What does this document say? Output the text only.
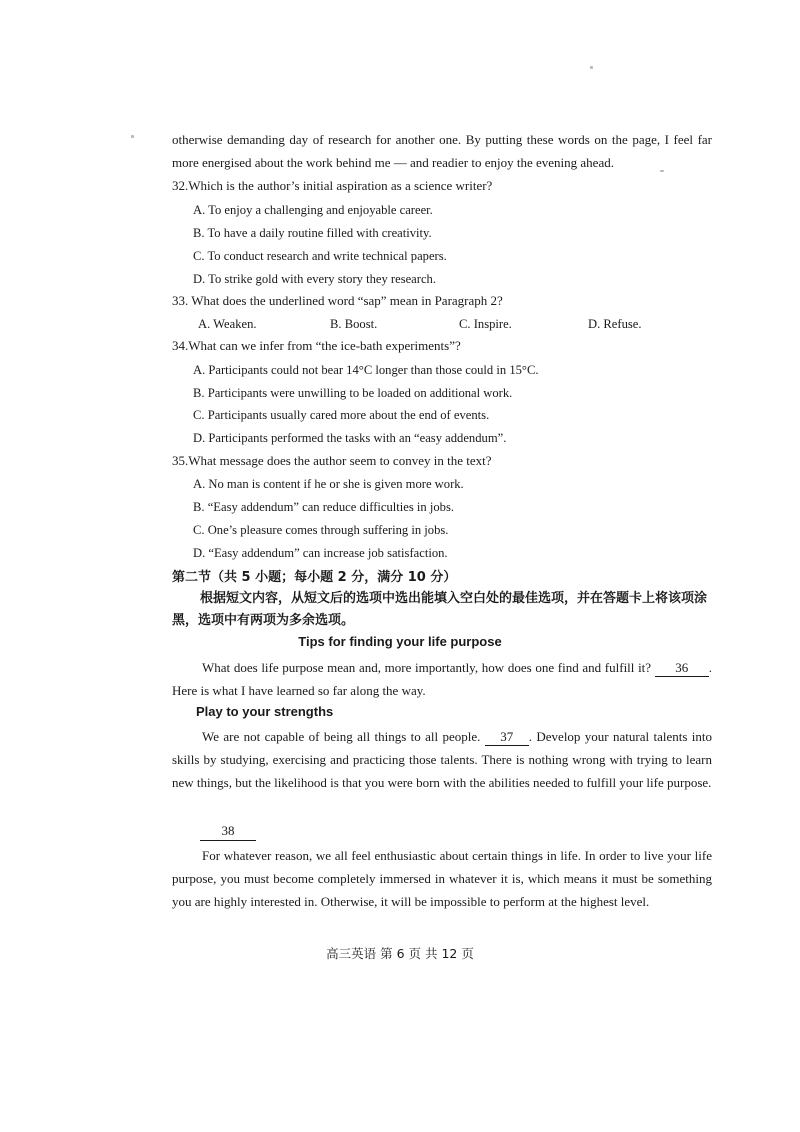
otherwise demanding day of research for another one. By putting these words on the page, I feel far more energised about the work behind me — and readier to enjoy the evening ahead.
32.Which is the author’s initial aspiration as a science writer?
A. To enjoy a challenging and enjoyable career.
B. To have a daily routine filled with creativity.
C. To conduct research and write technical papers.
D. To strike gold with every story they research.
33. What does the underlined word “sap” mean in Paragraph 2?
A. Weaken.	B. Boost.	C. Inspire.	D. Refuse.
34.What can we infer from “the ice-bath experiments”?
A. Participants could not bear 14°C longer than those could in 15°C.
B. Participants were unwilling to be loaded on additional work.
C. Participants usually cared more about the end of events.
D. Participants performed the tasks with an “easy addendum”.
35.What message does the author seem to convey in the text?
A. No man is content if he or she is given more work.
B. “Easy addendum” can reduce difficulties in jobs.
C. One’s pleasure comes through suffering in jobs.
D. “Easy addendum” can increase job satisfaction.
第二节（共 5 小题；每小题 2 分，满分 10 分）
根据短文内容，从短文后的选项中选出能填入空白处的最佳选项，并在答题卡上将该项涂黑，选项中有两项为多余选项。
Tips for finding your life purpose
What does life purpose mean and, more importantly, how does one find and fulfill it? 36 . Here is what I have learned so far along the way.
Play to your strengths
We are not capable of being all things to all people. 37 . Develop your natural talents into skills by studying, exercising and practicing those talents. There is nothing wrong with trying to learn new things, but the likelihood is that you were born with the abilities needed to fulfill your life purpose.
38
For whatever reason, we all feel enthusiastic about certain things in life. In order to live your life purpose, you must become completely immersed in whatever it is, which means it must be something you are highly interested in. Otherwise, it will be impossible to perform at the highest level.
高三英语 第 6 页 共 12 页
